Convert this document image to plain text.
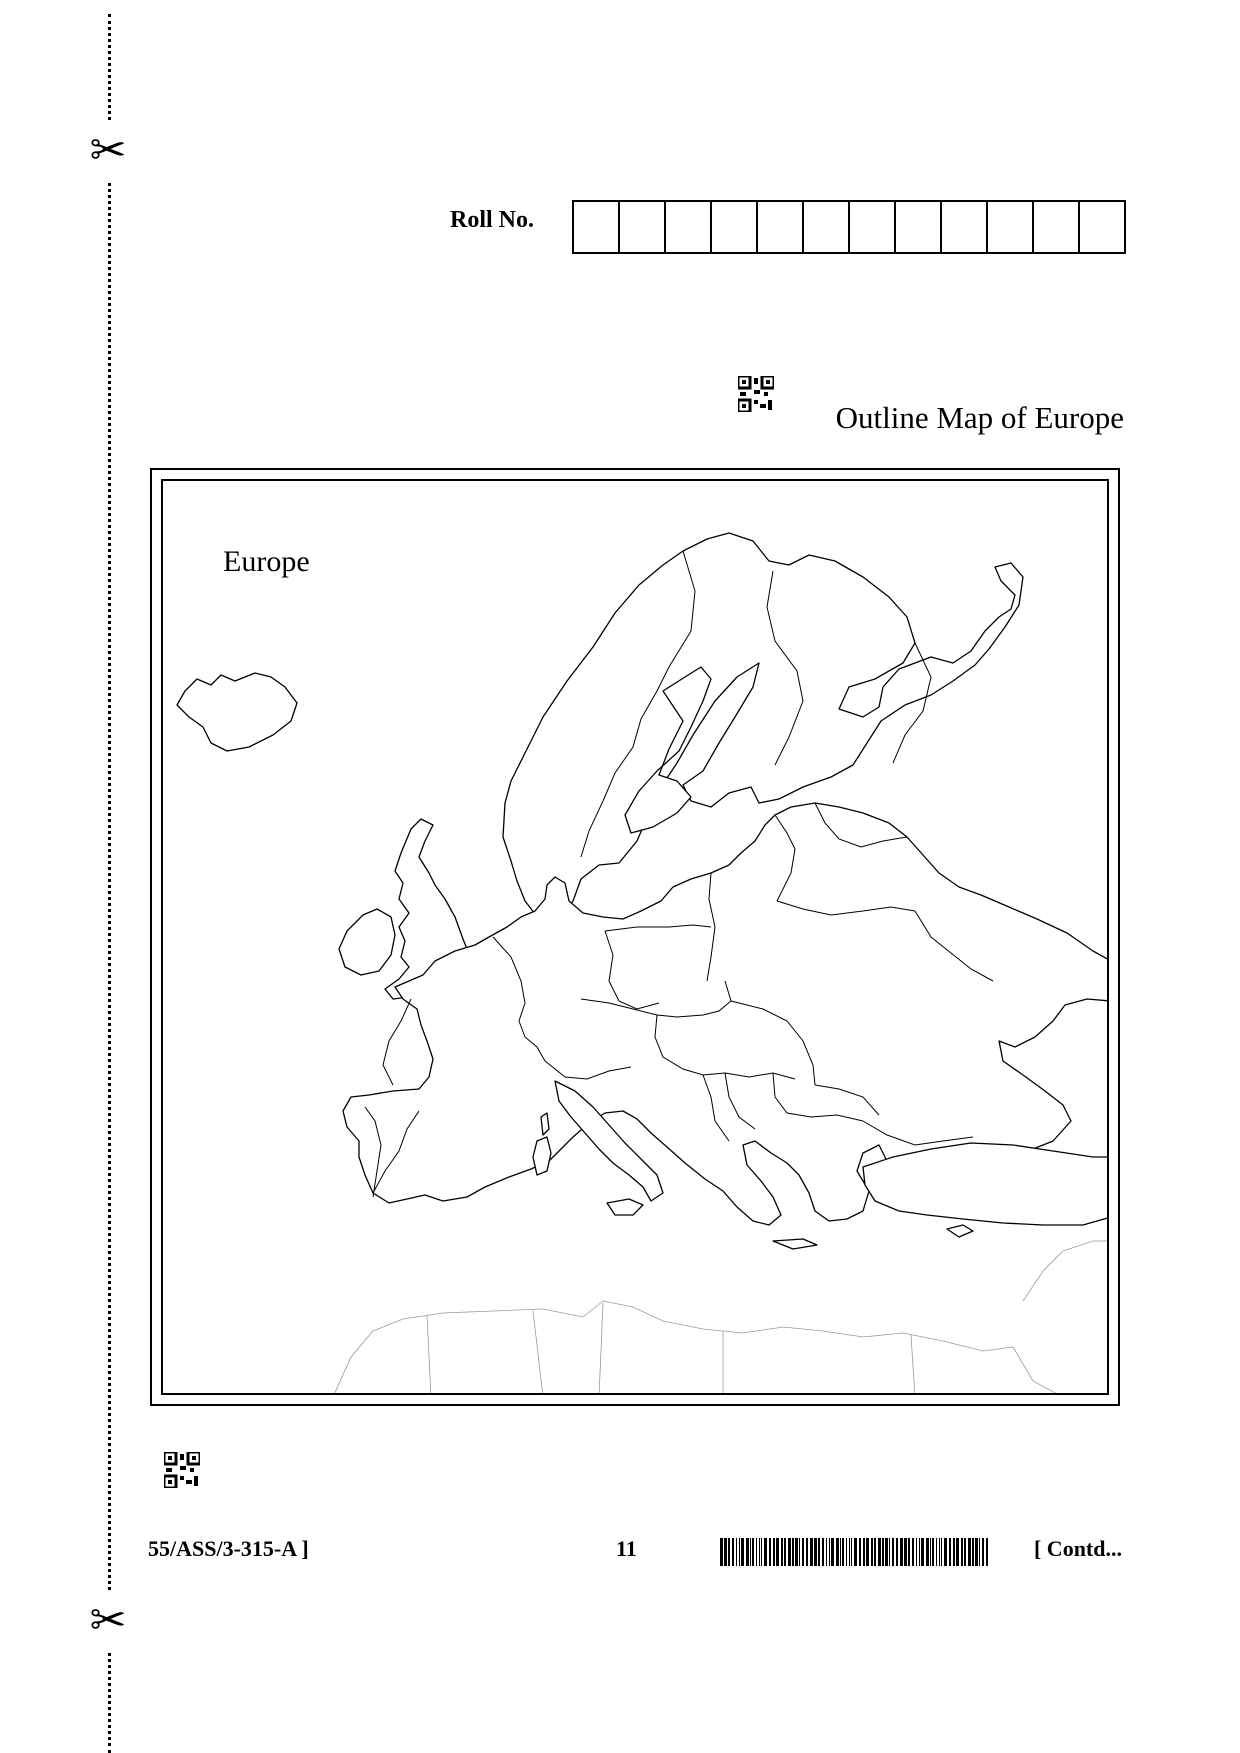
✂
✂
Roll No.
Outline Map of Europe
Europe
55/ASS/3-315-A ]	11	[ Contd...
